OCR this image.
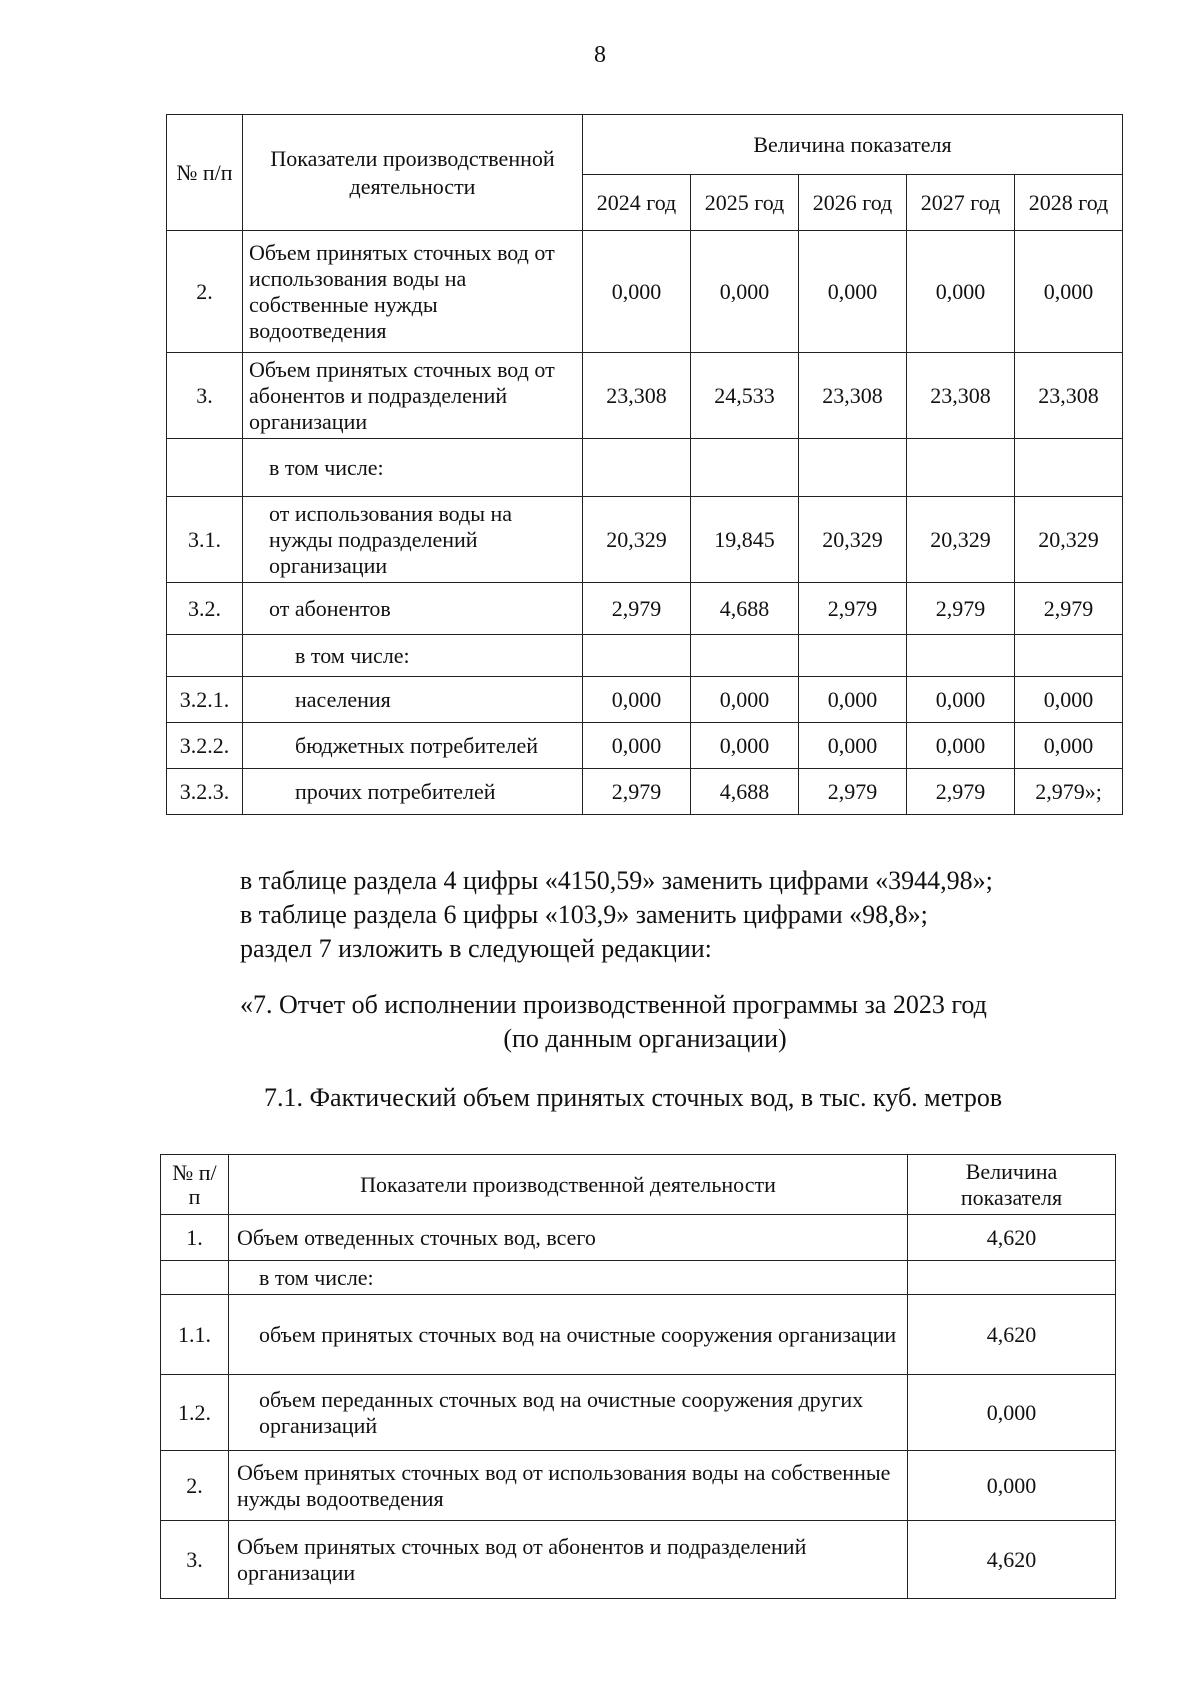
8
№ п/п	Показатели производственной деятельности	Величина показателя				
		2024 год	2025 год	2026 год	2027 год	2028 год
2.	Объем принятых сточных вод от использования воды на собственные нужды водоотведения	0,000	0,000	0,000	0,000	0,000
3.	Объем принятых сточных вод от абонентов и подразделений организации	23,308	24,533	23,308	23,308	23,308
	в том числе:					
3.1.	от использования воды на нужды подразделений организации	20,329	19,845	20,329	20,329	20,329
3.2.	от абонентов	2,979	4,688	2,979	2,979	2,979
	в том числе:					
3.2.1.	населения	0,000	0,000	0,000	0,000	0,000
3.2.2.	бюджетных потребителей	0,000	0,000	0,000	0,000	0,000
3.2.3.	прочих потребителей	2,979	4,688	2,979	2,979	2,979»;
в таблице раздела 4 цифры «4150,59» заменить цифрами «3944,98»;
в таблице раздела 6 цифры «103,9» заменить цифрами «98,8»;
раздел 7 изложить в следующей редакции:
«7. Отчет об исполнении производственной программы за 2023 год
(по данным организации)
7.1. Фактический объем принятых сточных вод, в тыс. куб. метров
№ п/п	Показатели производственной деятельности	Величина показателя
1.	Объем отведенных сточных вод, всего	4,620
	в том числе:	
1.1.	объем принятых сточных вод на очистные сооружения организации	4,620
1.2.	объем переданных сточных вод на очистные сооружения других организаций	0,000
2.	Объем принятых сточных вод от использования воды на собственные нужды водоотведения	0,000
3.	Объем принятых сточных вод от абонентов и подразделений организации	4,620
